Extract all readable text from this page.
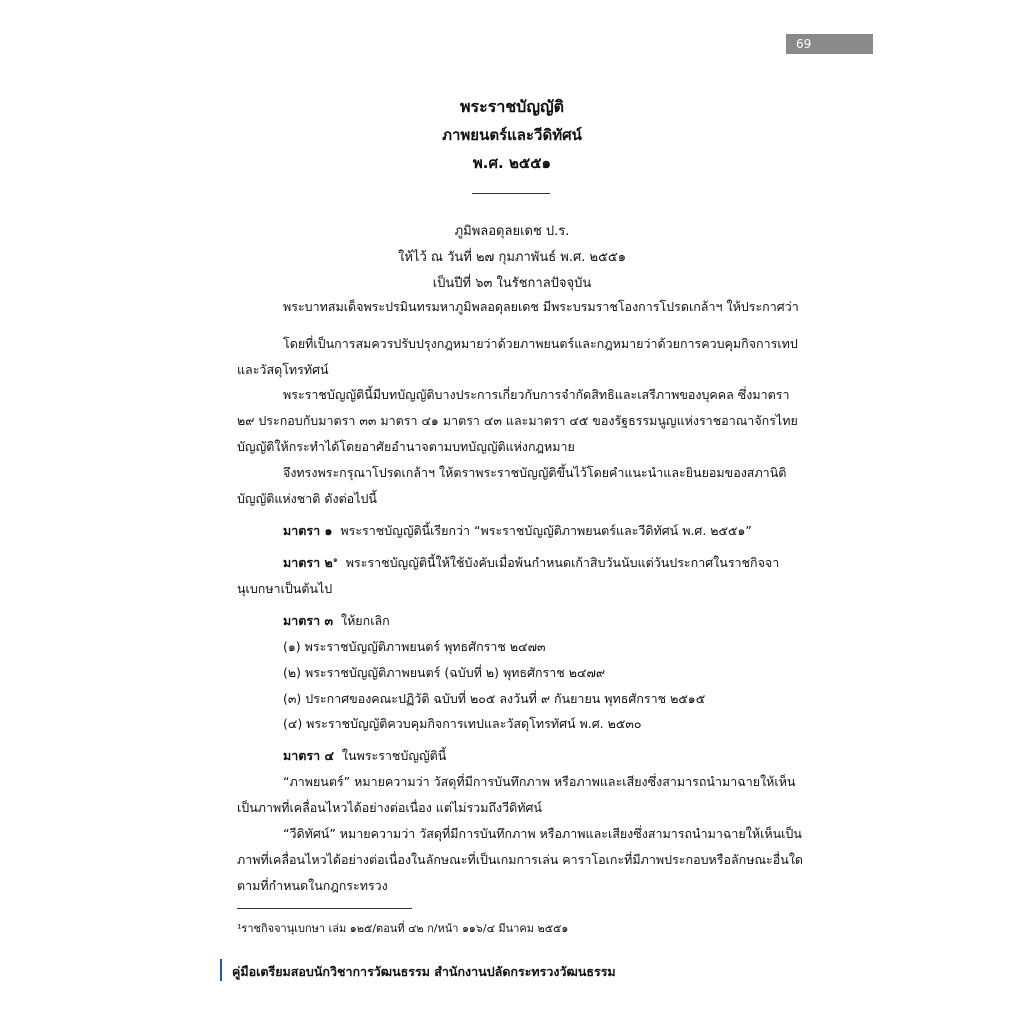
69
พระราชบัญญัติ
ภาพยนตร์และวีดิทัศน์
พ.ศ. ๒๕๕๑
ภูมิพลอดุลยเดช ป.ร.
ให้ไว้ ณ วันที่ ๒๗ กุมภาพันธ์ พ.ศ. ๒๕๕๑
เป็นปีที่ ๖๓ ในรัชกาลปัจจุบัน
พระบาทสมเด็จพระปรมินทรมหาภูมิพลอดุลยเดช มีพระบรมราชโองการโปรดเกล้าฯ ให้ประกาศว่า
โดยที่เป็นการสมควรปรับปรุงกฎหมายว่าด้วยภาพยนตร์และกฎหมายว่าด้วยการควบคุมกิจการเทป
และวัสดุโทรทัศน์
พระราชบัญญัตินี้มีบทบัญญัติบางประการเกี่ยวกับการจำกัดสิทธิและเสรีภาพของบุคคล ซึ่งมาตรา
๒๙ ประกอบกับมาตรา ๓๓ มาตรา ๔๑ มาตรา ๔๓ และมาตรา ๔๕ ของรัฐธรรมนูญแห่งราชอาณาจักรไทย
บัญญัติให้กระทำได้โดยอาศัยอำนาจตามบทบัญญัติแห่งกฎหมาย
จึงทรงพระกรุณาโปรดเกล้าฯ ให้ตราพระราชบัญญัติขึ้นไว้โดยคำแนะนำและยินยอมของสภานิติ
บัญญัติแห่งชาติ ดังต่อไปนี้
มาตรา ๑ พระราชบัญญัตินี้เรียกว่า “พระราชบัญญัติภาพยนตร์และวีดิทัศน์ พ.ศ. ๒๕๕๑”
มาตรา ๒$^๑$ พระราชบัญญัตินี้ให้ใช้บังคับเมื่อพ้นกำหนดเก้าสิบวันนับแต่วันประกาศในราชกิจจา
นุเบกษาเป็นต้นไป
มาตรา ๓ ให้ยกเลิก
(๑) พระราชบัญญัติภาพยนตร์ พุทธศักราช ๒๔๗๓
(๒) พระราชบัญญัติภาพยนตร์ (ฉบับที่ ๒) พุทธศักราช ๒๔๗๙
(๓) ประกาศของคณะปฏิวัติ ฉบับที่ ๒๐๕ ลงวันที่ ๙ กันยายน พุทธศักราช ๒๕๑๕
(๔) พระราชบัญญัติควบคุมกิจการเทปและวัสดุโทรทัศน์ พ.ศ. ๒๕๓๐
มาตรา ๔ ในพระราชบัญญัตินี้
“ภาพยนตร์” หมายความว่า วัสดุที่มีการบันทึกภาพ หรือภาพและเสียงซึ่งสามารถนำมาฉายให้เห็น
เป็นภาพที่เคลื่อนไหวได้อย่างต่อเนื่อง แต่ไม่รวมถึงวีดิทัศน์
“วีดิทัศน์” หมายความว่า วัสดุที่มีการบันทึกภาพ หรือภาพและเสียงซึ่งสามารถนำมาฉายให้เห็นเป็น
ภาพที่เคลื่อนไหวได้อย่างต่อเนื่องในลักษณะที่เป็นเกมการเล่น คาราโอเกะที่มีภาพประกอบหรือลักษณะอื่นใด
ตามที่กำหนดในกฎกระทรวง
¹ราชกิจจานุเบกษา เล่ม ๑๒๕/ตอนที่ ๔๒ ก/หน้า ๑๑๖/๔ มีนาคม ๒๕๕๑
คู่มือเตรียมสอบนักวิชาการวัฒนธรรม สำนักงานปลัดกระทรวงวัฒนธรรม
